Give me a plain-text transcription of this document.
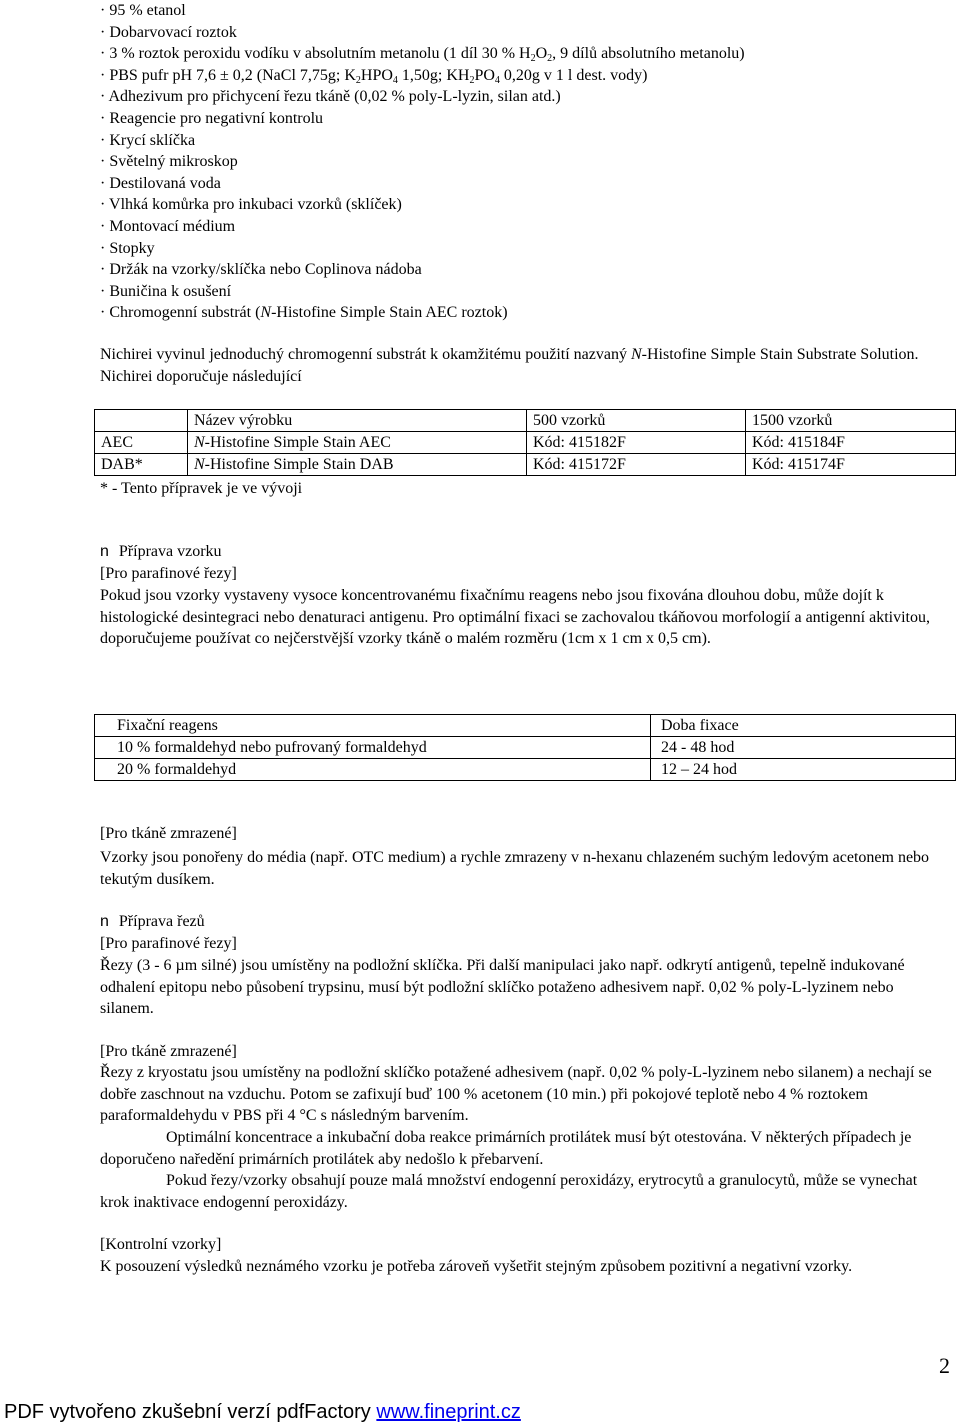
· 95 % etanol
· Dobarvovací roztok
· 3 % roztok peroxidu vodíku v absolutním metanolu (1 díl 30 % $H_2O_2$, 9 dílů absolutního metanolu)
· PBS pufr pH 7,6 ± 0,2 (NaCl 7,75g; $K_2HPO_4$ 1,50g; $KH_2PO_4$ 0,20g v 1 l dest. vody)
· Adhezivum pro přichycení řezu tkáně (0,02 % poly-L-lyzin, silan atd.)
· Reagencie pro negativní kontrolu
· Krycí sklíčka
· Světelný mikroskop
· Destilovaná voda
· Vlhká komůrka pro inkubaci vzorků (sklíček)
· Montovací médium
· Stopky
· Držák na vzorky/sklíčka nebo Coplinova nádoba
· Buničina k osušení
· Chromogenní substrát (N-Histofine Simple Stain AEC roztok)

Nichirei vyvinul jednoduchý chromogenní substrát k okamžitému použití nazvaný N-Histofine Simple Stain Substrate Solution. Nichirei doporučuje následující

	Název výrobku	500 vzorků	1500 vzorků
AEC	N-Histofine Simple Stain AEC	Kód: 415182F	Kód: 415184F
DAB*	N-Histofine Simple Stain DAB	Kód: 415172F	Kód: 415174F

* - Tento přípravek je ve vývoji

n Příprava vzorku

[Pro parafinové řezy]

Pokud jsou vzorky vystaveny vysoce koncentrovanému fixačnímu reagens nebo jsou fixována dlouhou dobu, může dojít k histologické desintegraci nebo denaturaci antigenu. Pro optimální fixaci se zachovalou tkáňovou morfologií a antigenní aktivitou, doporučujeme používat co nejčerstvější vzorky tkáně o malém rozměru (1cm x 1 cm x 0,5 cm).

Fixační reagens	Doba fixace
10 % formaldehyd nebo pufrovaný formaldehyd	24 - 48 hod
20 % formaldehyd	12 – 24 hod

[Pro tkáně zmrazené]

Vzorky jsou ponořeny do média (např. OTC medium) a rychle zmrazeny v n-hexanu chlazeném suchým ledovým acetonem nebo tekutým dusíkem.

n Příprava řezů

[Pro parafinové řezy]

Řezy (3 - 6 µm silné) jsou umístěny na podložní sklíčka. Při další manipulaci jako např. odkrytí antigenů, tepelně indukované odhalení epitopu nebo působení trypsinu, musí být podložní sklíčko potaženo adhesivem např. 0,02 % poly-L-lyzinem nebo silanem.

[Pro tkáně zmrazené]

Řezy z kryostatu jsou umístěny na podložní sklíčko potažené adhesivem (např. 0,02 % poly-L-lyzinem nebo silanem) a nechají se dobře zaschnout na vzduchu. Potom se zafixují buď 100 % acetonem (10 min.) při pokojové teplotě nebo 4 % roztokem paraformaldehydu v PBS při 4 °C s následným barvením.

Optimální koncentrace a inkubační doba reakce primárních protilátek musí být otestována. V některých případech je doporučeno naředění primárních protilátek aby nedošlo k přebarvení.

Pokud řezy/vzorky obsahují pouze malá množství endogenní peroxidázy, erytrocytů a granulocytů, může se vynechat krok inaktivace endogenní peroxidázy.

[Kontrolní vzorky]

K posouzení výsledků neznámého vzorku je potřeba zároveň vyšetřit stejným způsobem pozitivní a negativní vzorky.

2
PDF vytvořeno zkušební verzí pdfFactory www.fineprint.cz
